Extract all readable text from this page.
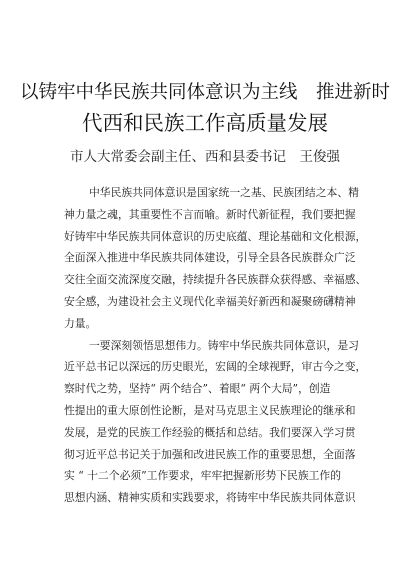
以铸牢中华民族共同体意识为主线　推进新时
代西和民族工作高质量发展
市人大常委会副主任、西和县委书记　王俊强
中华民族共同体意识是国家统一之基、民族团结之本、精
神力量之魂，其重要性不言而喻。新时代新征程，我们要把握
好铸牢中华民族共同体意识的历史底蕴、理论基础和文化根源，
全面深入推进中华民族共同体建设，引导全县各民族群众广泛
交往全面交流深度交融，持续提升各民族群众获得感、幸福感、
安全感，为建设社会主义现代化幸福美好新西和凝聚磅礴精神
力量。
一要深刻领悟思想伟力。铸牢中华民族共同体意识，是习
近平总书记以深远的历史眼光，宏阔的全球视野，审古今之变，
察时代之势，坚持“ 两个结合”、着眼“ 两个大局”，创造
性提出的重大原创性论断，是对马克思主义民族理论的继承和
发展，是党的民族工作经验的概括和总结。我们要深入学习贯
彻习近平总书记关于加强和改进民族工作的重要思想，全面落
实 “ 十二个必须”工作要求，牢牢把握新形势下民族工作的
思想内涵、精神实质和实践要求，将铸牢中华民族共同体意识
